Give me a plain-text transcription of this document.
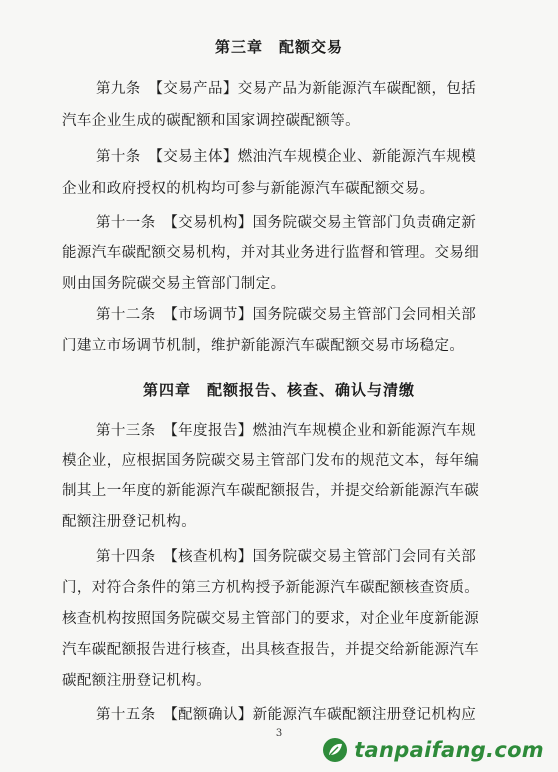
第三章　配额交易
第九条　【交易产品】交易产品为新能源汽车碳配额，包括
汽车企业生成的碳配额和国家调控碳配额等。
第十条　【交易主体】燃油汽车规模企业、新能源汽车规模
企业和政府授权的机构均可参与新能源汽车碳配额交易。
第十一条　【交易机构】国务院碳交易主管部门负责确定新
能源汽车碳配额交易机构，并对其业务进行监督和管理。交易细
则由国务院碳交易主管部门制定。
第十二条　【市场调节】国务院碳交易主管部门会同相关部
门建立市场调节机制，维护新能源汽车碳配额交易市场稳定。
第四章　配额报告、核查、确认与清缴
第十三条　【年度报告】燃油汽车规模企业和新能源汽车规
模企业，应根据国务院碳交易主管部门发布的规范文本，每年编
制其上一年度的新能源汽车碳配额报告，并提交给新能源汽车碳
配额注册登记机构。
第十四条　【核查机构】国务院碳交易主管部门会同有关部
门，对符合条件的第三方机构授予新能源汽车碳配额核查资质。
核查机构按照国务院碳交易主管部门的要求，对企业年度新能源
汽车碳配额报告进行核查，出具核查报告，并提交给新能源汽车
碳配额注册登记机构。
第十五条　【配额确认】新能源汽车碳配额注册登记机构应
3
tanpaifang.com
